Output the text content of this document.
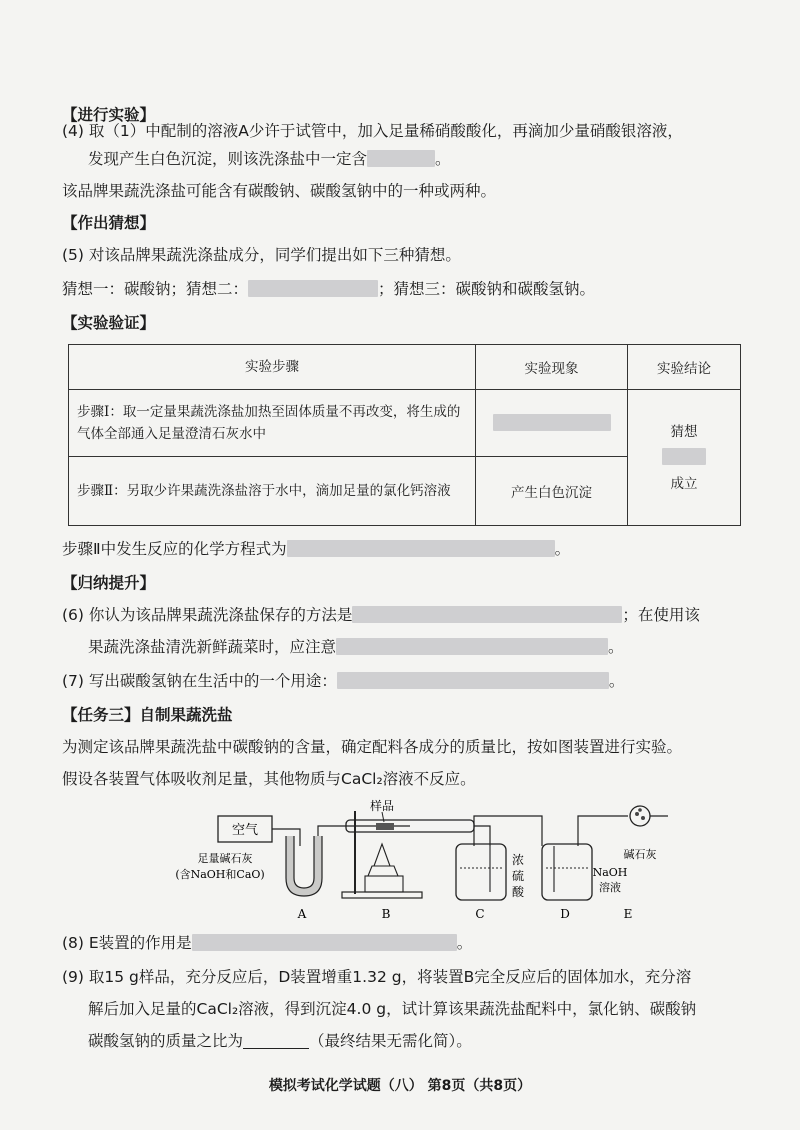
【进行实验】
(4) 取（1）中配制的溶液A少许于试管中，加入足量稀硝酸酸化，再滴加少量硝酸银溶液，
发现产生白色沉淀，则该洗涤盐中一定含	。
该品牌果蔬洗涤盐可能含有碳酸钠、碳酸氢钠中的一种或两种。
【作出猜想】
(5) 对该品牌果蔬洗涤盐成分，同学们提出如下三种猜想。
猜想一：碳酸钠；猜想二：	；猜想三：碳酸钠和碳酸氢钠。
【实验验证】
实验步骤	实验现象	实验结论
步骤Ⅰ：取一定量果蔬洗涤盐加热至固体质量不再改变，将生成的气体全部通入足量澄清石灰水中		猜想
成立

步骤Ⅱ：另取少许果蔬洗涤盐溶于水中，滴加足量的氯化钙溶液	产生白色沉淀	
步骤Ⅱ中发生反应的化学方程式为	。
【归纳提升】
(6) 你认为该品牌果蔬洗涤盐保存的方法是	；在使用该
果蔬洗涤盐清洗新鲜蔬菜时，应注意	。
(7) 写出碳酸氢钠在生活中的一个用途：	。
【任务三】自制果蔬洗盐
为测定该品牌果蔬洗盐中碳酸钠的含量，确定配料各成分的质量比，按如图装置进行实验。
假设各装置气体吸收剂足量，其他物质与CaCl₂溶液不反应。
空气
足量碱石灰
(含NaOH和CaO)
样品
浓
硫
酸
NaOH
溶液
碱石灰
A	B	C	D	E
(8) E装置的作用是	。
(9) 取15 g样品，充分反应后，D装置增重1.32 g，将装置B完全反应后的固体加水，充分溶
解后加入足量的CaCl₂溶液，得到沉淀4.0 g，试计算该果蔬洗盐配料中，氯化钠、碳酸钠
碳酸氢钠的质量之比为	（最终结果无需化简）。
模拟考试化学试题（八） 第8页（共8页）
